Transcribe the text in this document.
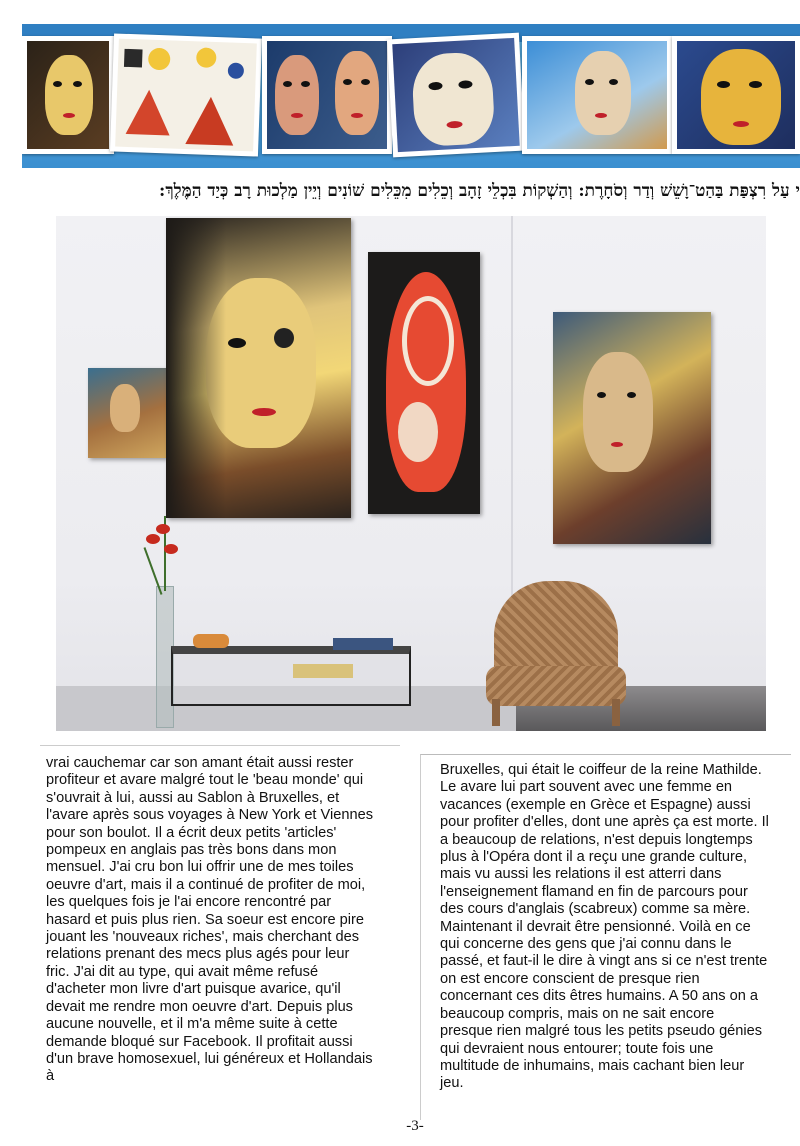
י עַל רִצְפַּת בַּהַט־וָשֵׁשׁ וְדַר וְסֹחָרֶת: וְהַשְׁקוֹת בִּכְלֵי זָהָב וְכֵלִים מִכֵּלִים שׁוֹנִים וְיֵין מַלְכוּת רָב כְּיַד הַמֶּלֶךְ:

vrai cauchemar car son amant était aussi rester profiteur et avare malgré tout le 'beau monde' qui s'ouvrait à lui, aussi au Sablon à Bruxelles, et l'avare après sous voyages à New York et Viennes pour son boulot. Il a écrit deux petits 'articles' pompeux en anglais pas très bons dans mon mensuel. J'ai cru bon lui offrir une de mes toiles oeuvre d'art, mais il a continué de profiter de moi, les quelques fois je l'ai encore rencontré par hasard et puis plus rien. Sa soeur est encore pire jouant les 'nouveaux riches', mais cherchant des relations prenant des mecs plus agés pour leur fric. J'ai dit au type, qui avait même refusé d'acheter mon livre d'art puisque avarice, qu'il devait me rendre mon oeuvre d'art. Depuis plus aucune nouvelle, et il m'a même suite à cette demande bloqué sur Facebook. Il profitait aussi d'un brave homosexuel, lui généreux et Hollandais à

Bruxelles, qui était le coiffeur de la reine Mathilde. Le avare lui part souvent avec une femme en vacances (exemple en Grèce et Espagne) aussi pour profiter d'elles, dont une après ça est morte. Il a beaucoup de relations, n'est depuis longtemps plus à l'Opéra dont il a reçu une grande culture, mais vu aussi les relations il est atterri dans l'enseignement flamand en fin de parcours pour des cours d'anglais (scabreux) comme sa mère. Maintenant il devrait être pensionné. Voilà en ce qui concerne des gens que j'ai connu dans le passé, et faut-il le dire à vingt ans si ce n'est trente on est encore conscient de presque rien concernant ces dits êtres humains. A 50 ans on a beaucoup compris, mais on ne sait encore presque rien malgré tous les petits pseudo génies qui devraient nous entourer; toute fois une multitude de inhumains, mais cachant bien leur jeu.

-3-
